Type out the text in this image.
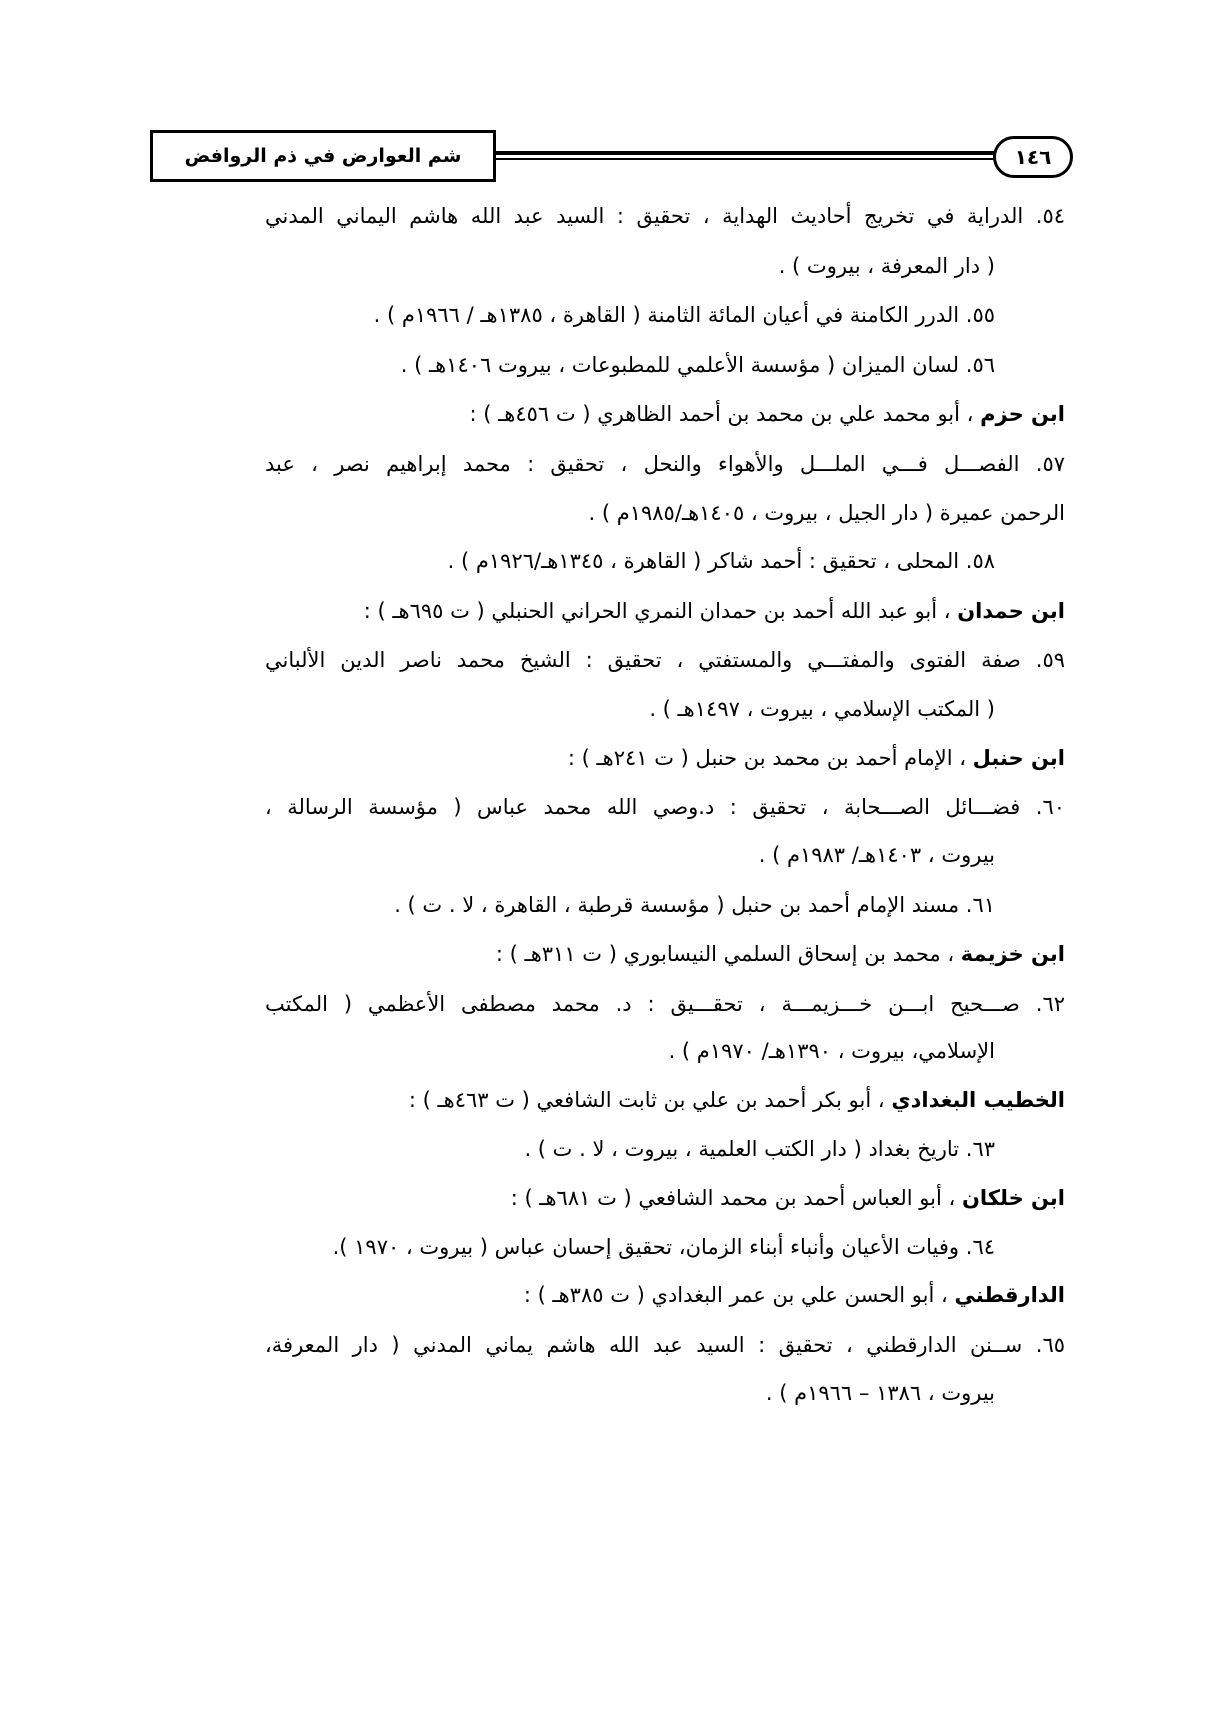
شم العوارض في ذم الروافض	١٤٦
٥٤. الدراية في تخريج أحاديث الهداية ، تحقيق : السيد عبد الله هاشم اليماني المدني
( دار المعرفة ، بيروت ) .
٥٥. الدرر الكامنة في أعيان المائة الثامنة ( القاهرة ، ١٣٨٥هـ / ١٩٦٦م ) .
٥٦. لسان الميزان ( مؤسسة الأعلمي للمطبوعات ، بيروت ١٤٠٦هـ ) .
ابن حزم ، أبو محمد علي بن محمد بن أحمد الظاهري ( ت ٤٥٦هـ ) :
٥٧. الفصـــل فـــي الملـــل والأهواء والنحل ، تحقيق : محمد إبراهيم نصر ، عبد
الرحمن عميرة ( دار الجيل ، بيروت ، ١٤٠٥هـ/١٩٨٥م ) .
٥٨. المحلى ، تحقيق : أحمد شاكر ( القاهرة ، ١٣٤٥هـ/١٩٢٦م ) .
ابن حمدان ، أبو عبد الله أحمد بن حمدان النمري الحراني الحنبلي ( ت ٦٩٥هـ ) :
٥٩. صفة الفتوى والمفتـــي والمستفتي ، تحقيق : الشيخ محمد ناصر الدين الألباني
( المكتب الإسلامي ، بيروت ، ١٤٩٧هـ ) .
ابن حنبل ، الإمام أحمد بن محمد بن حنبل ( ت ٢٤١هـ ) :
٦٠. فضـــائل الصـــحابة ، تحقيق : د.وصي الله محمد عباس ( مؤسسة الرسالة ،
بيروت ، ١٤٠٣هـ/ ١٩٨٣م ) .
٦١. مسند الإمام أحمد بن حنبل ( مؤسسة قرطبة ، القاهرة ، لا . ت ) .
ابن خزيمة ، محمد بن إسحاق السلمي النيسابوري ( ت ٣١١هـ ) :
٦٢. صـــحيح ابـــن خـــزيمـــة ، تحقـــيق : د. محمد مصطفى الأعظمي ( المكتب
الإسلامي، بيروت ، ١٣٩٠هـ/ ١٩٧٠م ) .
الخطيب البغدادي ، أبو بكر أحمد بن علي بن ثابت الشافعي ( ت ٤٦٣هـ ) :
٦٣. تاريخ بغداد ( دار الكتب العلمية ، بيروت ، لا . ت ) .
ابن خلكان ، أبو العباس أحمد بن محمد الشافعي ( ت ٦٨١هـ ) :
٦٤. وفيات الأعيان وأنباء أبناء الزمان، تحقيق إحسان عباس ( بيروت ، ١٩٧٠ ).
الدارقطني ، أبو الحسن علي بن عمر البغدادي ( ت ٣٨٥هـ ) :
٦٥. ســنن الدارقطني ، تحقيق : السيد عبد الله هاشم يماني المدني ( دار المعرفة،
بيروت ، ١٣٨٦ – ١٩٦٦م ) .
